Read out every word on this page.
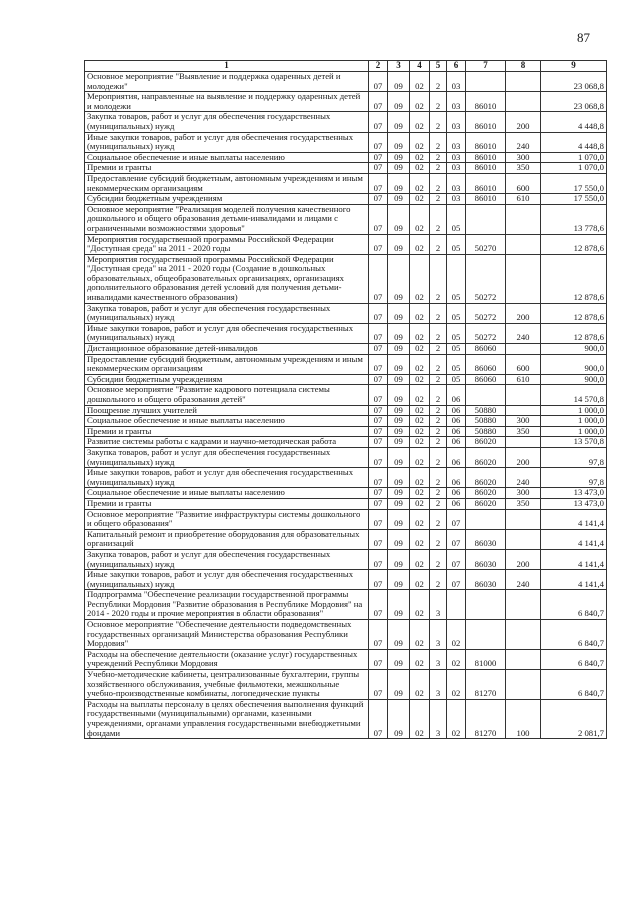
87
1	2	3	4	5	6	7	8	9
Основное мероприятие "Выявление и поддержка одаренных детей и молодежи"	07	09	02	2	03			23 068,8
Мероприятия, направленные на выявление и поддержку одаренных детей и молодежи	07	09	02	2	03	86010		23 068,8
Закупка товаров, работ и услуг для обеспечения государственных (муниципальных) нужд	07	09	02	2	03	86010	200	4 448,8
Иные закупки товаров, работ и услуг для обеспечения государственных (муниципальных) нужд	07	09	02	2	03	86010	240	4 448,8
Социальное обеспечение и иные выплаты населению	07	09	02	2	03	86010	300	1 070,0
Премии и гранты	07	09	02	2	03	86010	350	1 070,0
Предоставление субсидий бюджетным, автономным учреждениям и иным некоммерческим организациям	07	09	02	2	03	86010	600	17 550,0
Субсидии бюджетным учреждениям	07	09	02	2	03	86010	610	17 550,0
Основное мероприятие "Реализация моделей получения качественного дошкольного и общего образования детьми-инвалидами и лицами с ограниченными возможностями здоровья"	07	09	02	2	05			13 778,6
Мероприятия государственной программы Российской Федерации "Доступная среда" на 2011 - 2020 годы	07	09	02	2	05	50270		12 878,6
Мероприятия государственной программы Российской Федерации "Доступная среда" на 2011 - 2020 годы (Создание в дошкольных образовательных, общеобразовательных организациях, организациях дополнительного образования детей условий для получения детьми-инвалидами качественного образования)	07	09	02	2	05	50272		12 878,6
Закупка товаров, работ и услуг для обеспечения государственных (муниципальных) нужд	07	09	02	2	05	50272	200	12 878,6
Иные закупки товаров, работ и услуг для обеспечения государственных (муниципальных) нужд	07	09	02	2	05	50272	240	12 878,6
Дистанционное образование детей-инвалидов	07	09	02	2	05	86060		900,0
Предоставление субсидий бюджетным, автономным учреждениям и иным некоммерческим организациям	07	09	02	2	05	86060	600	900,0
Субсидии бюджетным учреждениям	07	09	02	2	05	86060	610	900,0
Основное мероприятие "Развитие кадрового потенциала системы дошкольного и общего образования детей"	07	09	02	2	06			14 570,8
Поощрение лучших учителей	07	09	02	2	06	50880		1 000,0
Социальное обеспечение и иные выплаты населению	07	09	02	2	06	50880	300	1 000,0
Премии и гранты	07	09	02	2	06	50880	350	1 000,0
Развитие системы работы с кадрами и научно-методическая работа	07	09	02	2	06	86020		13 570,8
Закупка товаров, работ и услуг для обеспечения государственных (муниципальных) нужд	07	09	02	2	06	86020	200	97,8
Иные закупки товаров, работ и услуг для обеспечения государственных (муниципальных) нужд	07	09	02	2	06	86020	240	97,8
Социальное обеспечение и иные выплаты населению	07	09	02	2	06	86020	300	13 473,0
Премии и гранты	07	09	02	2	06	86020	350	13 473,0
Основное мероприятие "Развитие инфраструктуры системы дошкольного и общего образования"	07	09	02	2	07			4 141,4
Капитальный ремонт и приобретение оборудования для образовательных организаций	07	09	02	2	07	86030		4 141,4
Закупка товаров, работ и услуг для обеспечения государственных (муниципальных) нужд	07	09	02	2	07	86030	200	4 141,4
Иные закупки товаров, работ и услуг для обеспечения государственных (муниципальных) нужд	07	09	02	2	07	86030	240	4 141,4
Подпрограмма "Обеспечение реализации государственной программы Республики Мордовия "Развитие образования в Республике Мордовия" на 2014 - 2020 годы и прочие мероприятия в области образования"	07	09	02	3				6 840,7
Основное мероприятие "Обеспечение деятельности подведомственных государственных организаций Министерства образования Республики Мордовия"	07	09	02	3	02			6 840,7
Расходы на обеспечение деятельности (оказание услуг) государственных учреждений Республики Мордовия	07	09	02	3	02	81000		6 840,7
Учебно-методические кабинеты, централизованные бухгалтерии, группы хозяйственного обслуживания, учебные фильмотеки, межшкольные учебно-производственные комбинаты, логопедические пункты	07	09	02	3	02	81270		6 840,7
Расходы на выплаты персоналу в целях обеспечения выполнения функций государственными (муниципальными) органами, казенными учреждениями, органами управления государственными внебюджетными фондами	07	09	02	3	02	81270	100	2 081,7
